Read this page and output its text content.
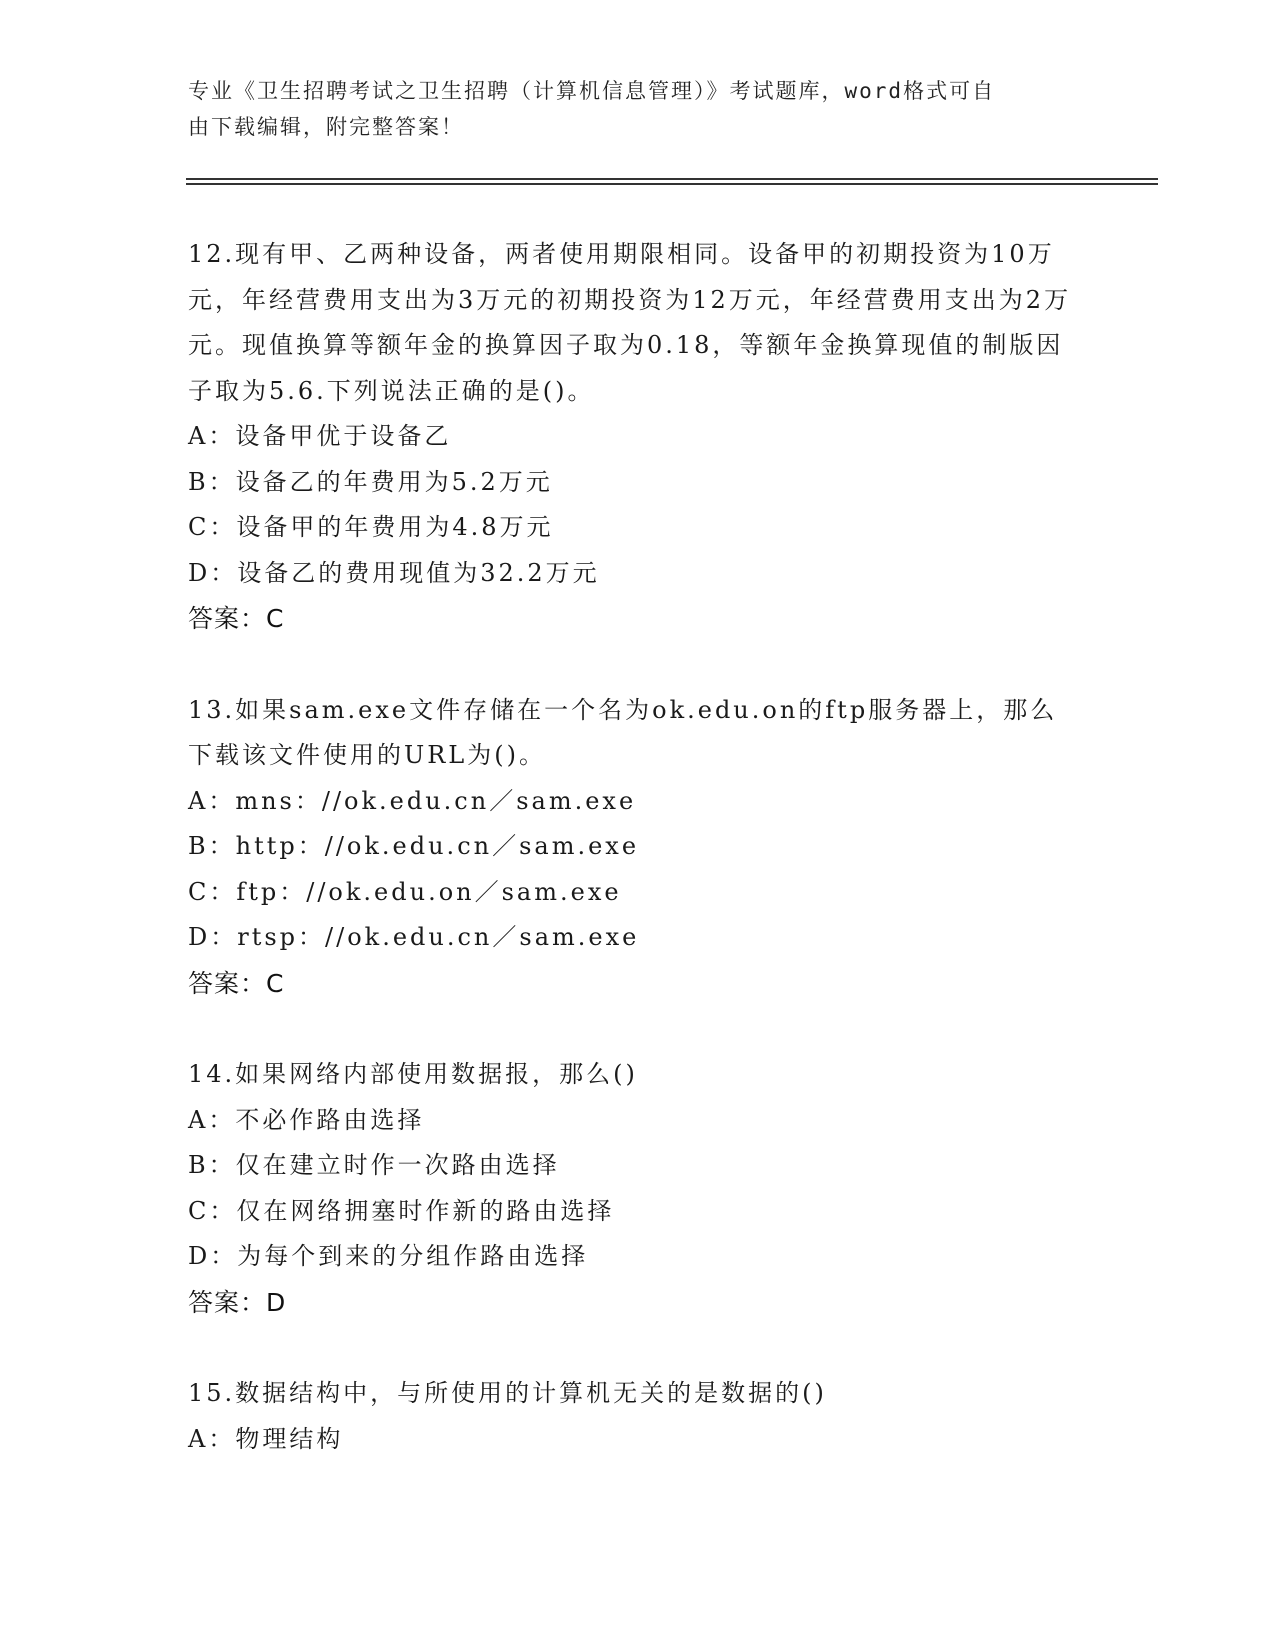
专业《卫生招聘考试之卫生招聘（计算机信息管理）》考试题库，word格式可自
由下载编辑，附完整答案！
12.现有甲、乙两种设备，两者使用期限相同。设备甲的初期投资为10万元，年经营费用支出为3万元的初期投资为12万元，年经营费用支出为2万元。现值换算等额年金的换算因子取为0.18，等额年金换算现值的制版因子取为5.6.下列说法正确的是()。
A：设备甲优于设备乙
B：设备乙的年费用为5.2万元
C：设备甲的年费用为4.8万元
D：设备乙的费用现值为32.2万元
答案：C
13.如果sam.exe文件存储在一个名为ok.edu.on的ftp服务器上，那么下载该文件使用的URL为()。
A：mns：//ok.edu.cn／sam.exe
B：http：//ok.edu.cn／sam.exe
C：ftp：//ok.edu.on／sam.exe
D：rtsp：//ok.edu.cn／sam.exe
答案：C
14.如果网络内部使用数据报，那么()
A：不必作路由选择
B：仅在建立时作一次路由选择
C：仅在网络拥塞时作新的路由选择
D：为每个到来的分组作路由选择
答案：D
15.数据结构中，与所使用的计算机无关的是数据的()
A：物理结构
